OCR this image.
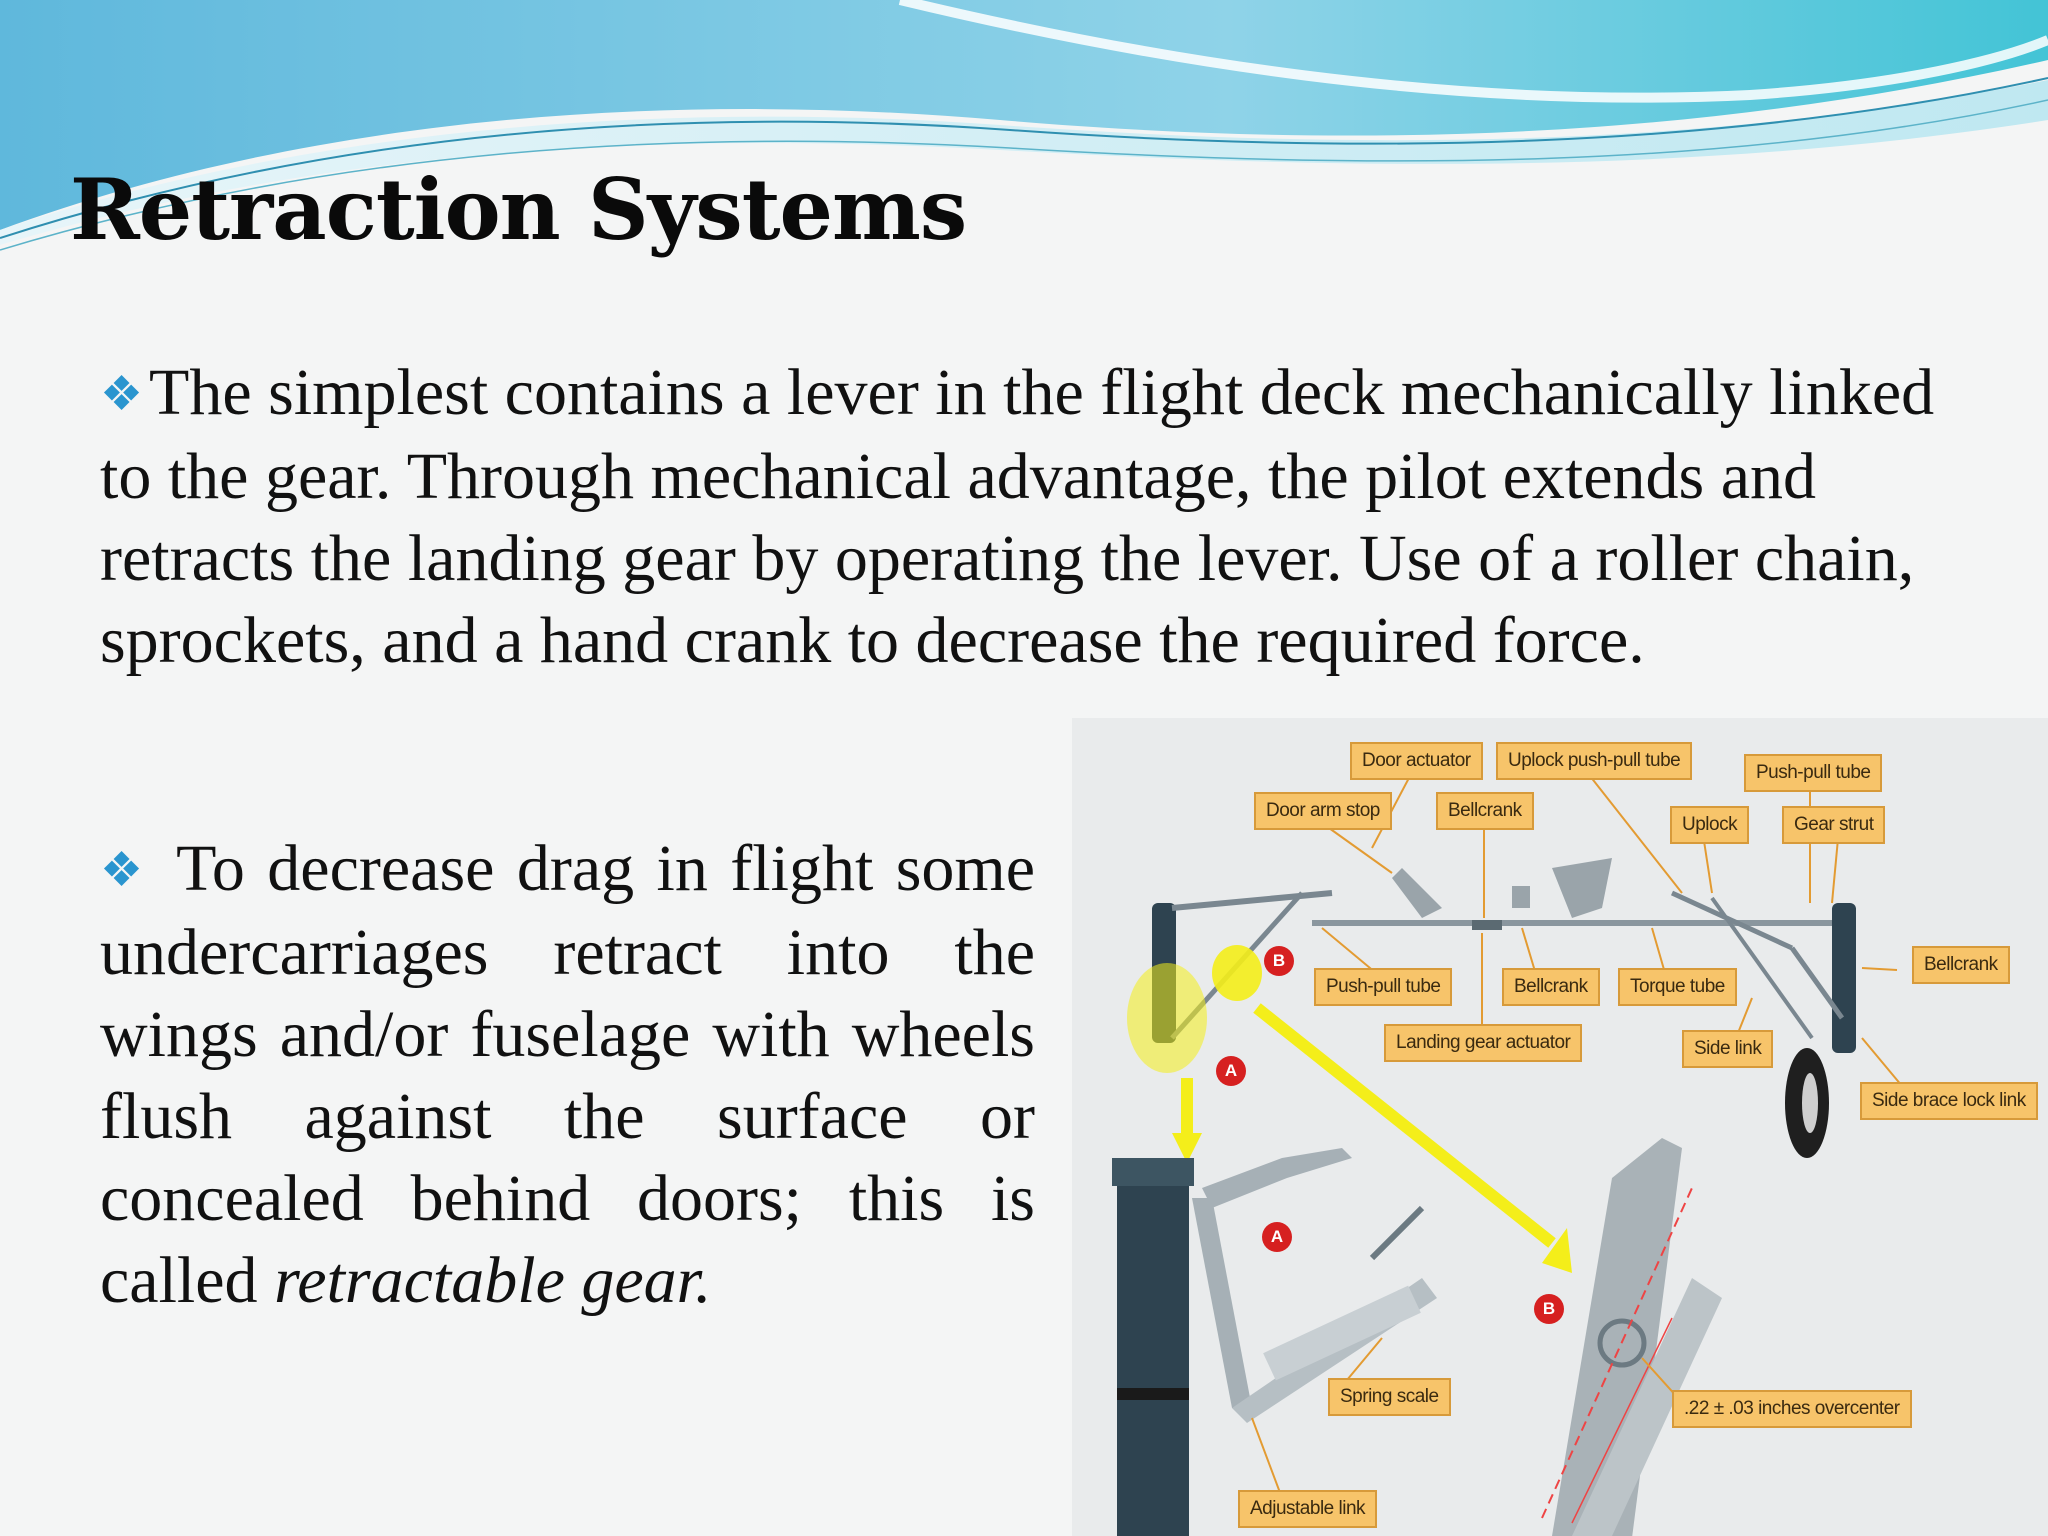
Retraction Systems

❖The simplest contains a lever in the flight deck mechanically linked to the gear. Through mechanical advantage, the pilot extends and retracts the landing gear by operating the lever. Use of a roller chain, sprockets, and a hand crank to decrease the required force.

❖ To decrease drag in flight some undercarriages retract into the wings and/or fuselage with wheels flush against the surface or concealed behind doors; this is called retractable gear.

Door actuator	Uplock push-pull tube
Push-pull tube
Door arm stop	Bellcrank
Uplock	Gear strut
Bellcrank
Push-pull tube	Bellcrank	Torque tube
Landing gear actuator	Side link
Side brace lock link
Spring scale
.22 ± .03 inches overcenter
Adjustable link
B
A
A
B
